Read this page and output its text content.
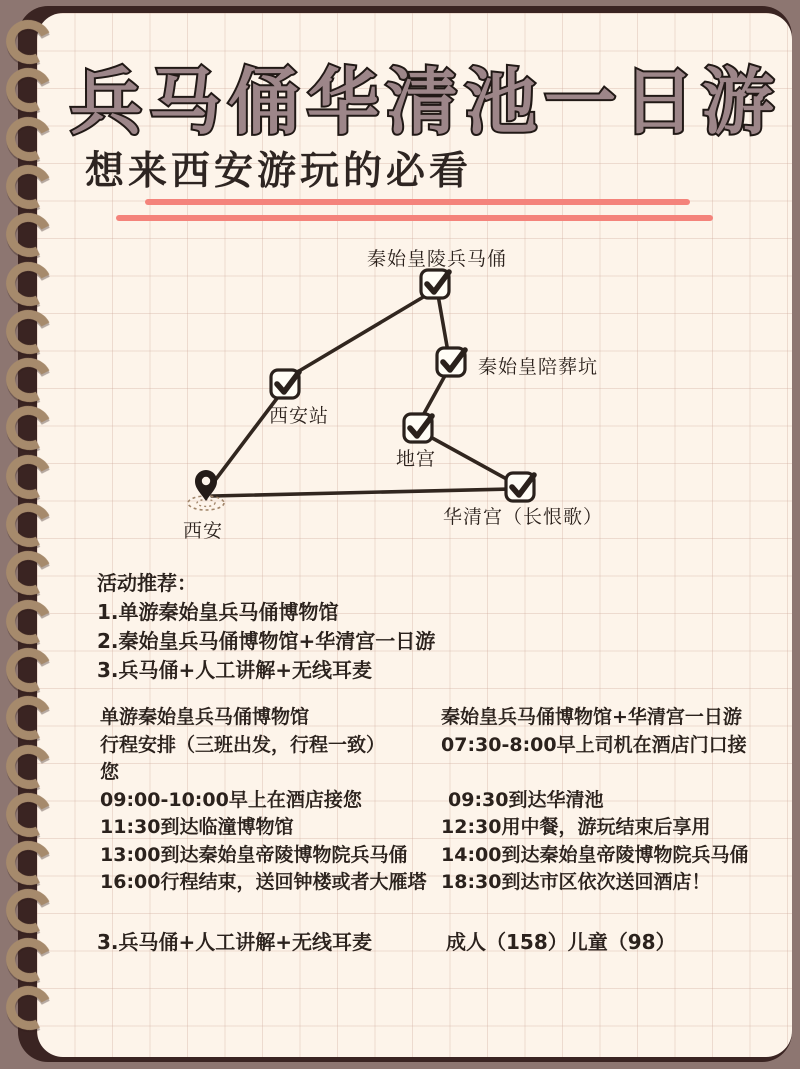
兵马俑华清池一日游
想来西安游玩的必看
秦始皇陵兵马俑
秦始皇陪葬坑
西安站
地宫
华清宫（长恨歌）
西安
活动推荐：
1.单游秦始皇兵马俑博物馆
2.秦始皇兵马俑博物馆+华清宫一日游
3.兵马俑+人工讲解+无线耳麦
单游秦始皇兵马俑博物馆
行程安排（三班出发，行程一致）
您
09:00-10:00早上在酒店接您
11:30到达临潼博物馆
13:00到达秦始皇帝陵博物院兵马俑
16:00行程结束，送回钟楼或者大雁塔
秦始皇兵马俑博物馆+华清宫一日游
07:30-8:00早上司机在酒店门口接
09:30到达华清池
12:30用中餐，游玩结束后享用
14:00到达秦始皇帝陵博物院兵马俑
18:30到达市区依次送回酒店！
3.兵马俑+人工讲解+无线耳麦	成人（158）儿童（98）
